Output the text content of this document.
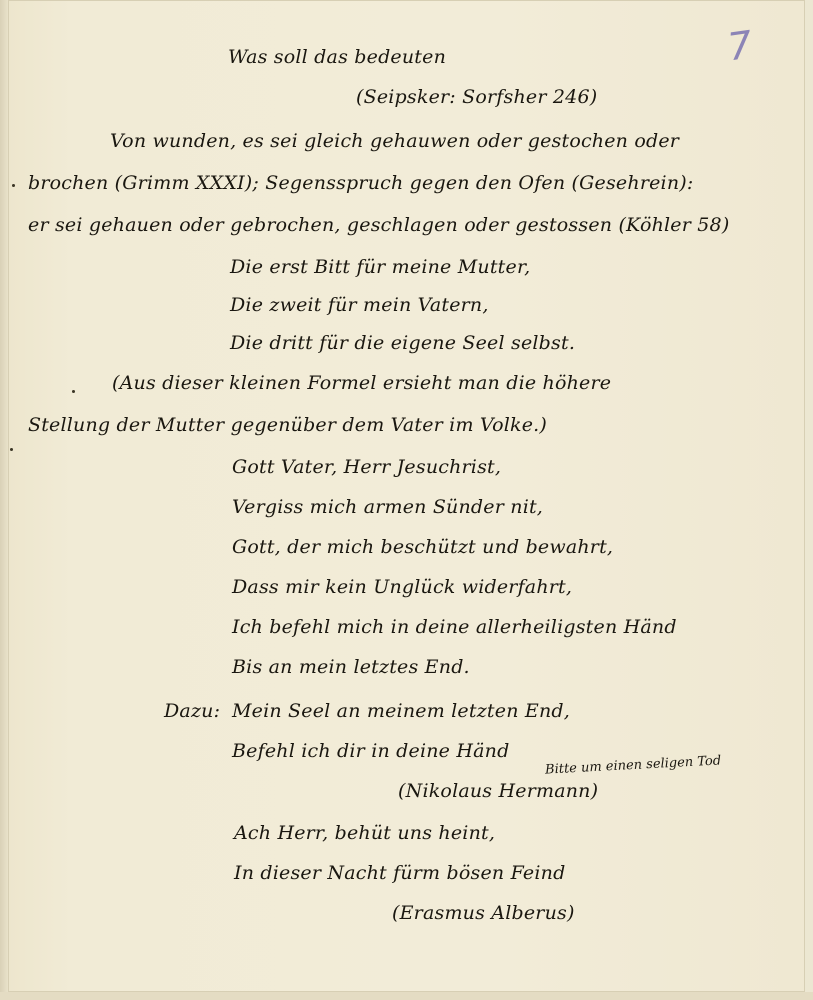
7
Was soll das bedeuten
(Seipsker: Sorfsher 246)
Von wunden, es sei gleich gehauwen oder gestochen oder
brochen (Grimm XXXI); Segensspruch gegen den Ofen (Gesehrein):
er sei gehauen oder gebrochen, geschlagen oder gestossen (Köhler 58)
Die erst Bitt für meine Mutter,
Die zweit für mein Vatern,
Die dritt für die eigene Seel selbst.
(Aus dieser kleinen Formel ersieht man die höhere
Stellung der Mutter gegenüber dem Vater im Volke.)
Gott Vater, Herr Jesuchrist,
Vergiss mich armen Sünder nit,
Gott, der mich beschützt und bewahrt,
Dass mir kein Unglück widerfahrt,
Ich befehl mich in deine allerheiligsten Händ
Bis an mein letztes End.
Dazu: Mein Seel an meinem letzten End,
Befehl ich dir in deine Händ
Bitte um einen seligen Tod
(Nikolaus Hermann)
Ach Herr, behüt uns heint,
In dieser Nacht fürm bösen Feind
(Erasmus Alberus)
